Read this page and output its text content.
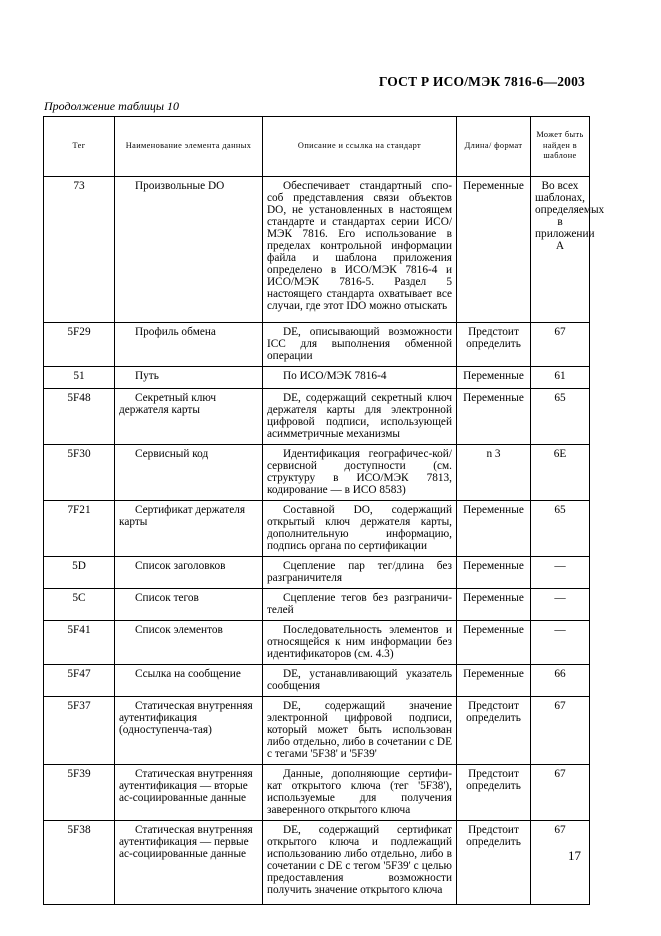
ГОСТ Р ИСО/МЭК 7816-6—2003
Продолжение таблицы 10
Тег	Наименование элемента данных	Описание и ссылка на стандарт	Длина/ формат	Может быть найден в шаблоне
73	Произвольные DO	Обеспечивает стандартный спо-соб представления связи объектов DO, не установленных в настоящем стандарте и стандартах серии ИСО/МЭК 7816. Его использование в пределах контрольной информации файла и шаблона приложения определено в ИСО/МЭК 7816-4 и ИСО/МЭК 7816-5. Раздел 5 настоящего стандарта охватывает все случаи, где этот IDO можно отыскать	Переменные	Во всех шаблонах, определяемых в приложении А
5F29	Профиль обмена	DE, описывающий возможности ICC для выполнения обменной операции	Предстоит определить	67
51	Путь	По ИСО/МЭК 7816-4	Переменные	61
5F48	Секретный ключ держателя карты	DE, содержащий секретный ключ держателя карты для электронной цифровой подписи, использующей асимметричные механизмы	Переменные	65
5F30	Сервисный код	Идентификация географичес-кой/сервисной доступности (см. структуру в ИСО/МЭК 7813, кодирование — в ИСО 8583)	n 3	6E
7F21	Сертификат держателя карты	Составной DO, содержащий открытый ключ держателя карты, дополнительную информацию, подпись органа по сертификации	Переменные	65
5D	Список заголовков	Сцепление пар тег/длина без разграничителя	Переменные	—
5C	Список тегов	Сцепление тегов без разграничи-телей	Переменные	—
5F41	Список элементов	Последовательность элементов и относящейся к ним информации без идентификаторов (см. 4.3)	Переменные	—
5F47	Ссылка на сообщение	DE, устанавливающий указатель сообщения	Переменные	66
5F37	Статическая внутренняя аутентификация (одноступенча-тая)	DE, содержащий значение электронной цифровой подписи, который может быть использован либо отдельно, либо в сочетании с DE с тегами '5F38' и '5F39'	Предстоит определить	67
5F39	Статическая внутренняя аутентификация — вторые ас-социированные данные	Данные, дополняющие сертифи-кат открытого ключа (тег '5F38'), используемые для получения заверенного открытого ключа	Предстоит определить	67
5F38	Статическая внутренняя аутентификация — первые ас-социированные данные	DE, содержащий сертификат открытого ключа и подлежащий использованию либо отдельно, либо в сочетании с DE с тегом '5F39' с целью предоставления возможности получить значение открытого ключа	Предстоит определить	67
17
